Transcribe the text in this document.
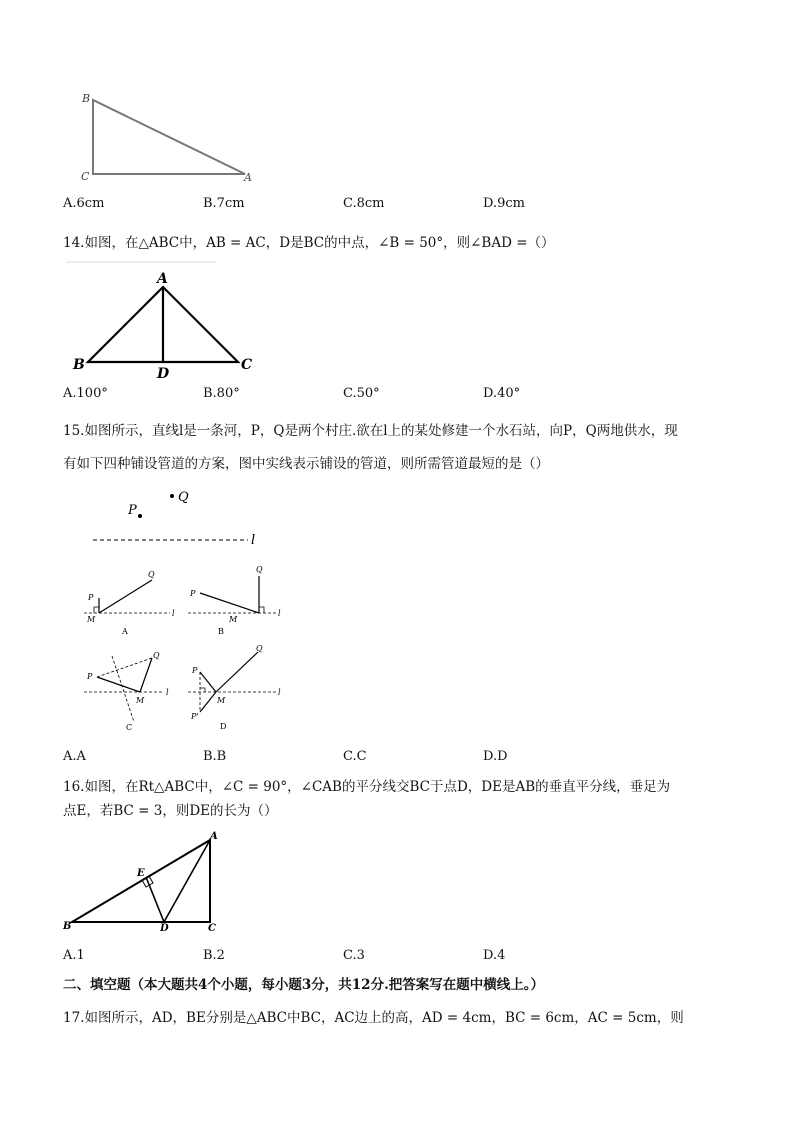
B
C	A
A.6cm	B.7cm	C.8cm	D.9cm
14.如图，在△ABC中，AB = AC，D是BC的中点，∠B = 50°，则∠BAD =（）
A
B	C
D
A.100°	B.80°	C.50°	D.40°
15.如图所示，直线l是一条河，P，Q是两个村庄.欲在l上的某处修建一个水石站，向P，Q两地供水，现
有如下四种铺设管道的方案，图中实线表示铺设的管道，则所需管道最短的是（）
P
Q
l
l
P
Q
M
A
l
P
Q
M
B
l
P
Q
M
C
l
P
Q
M
P'
D
A.A	B.B	C.C	D.D
16.如图，在Rt△ABC中，∠C = 90°，∠CAB的平分线交BC于点D，DE是AB的垂直平分线，垂足为
点E，若BC = 3，则DE的长为（）
A
E
B	D	C
A.1	B.2	C.3	D.4
二、填空题（本大题共4个小题，每小题3分，共12分.把答案写在题中横线上。）
17.如图所示，AD，BE分别是△ABC中BC，AC边上的高，AD = 4cm，BC = 6cm，AC = 5cm，则
